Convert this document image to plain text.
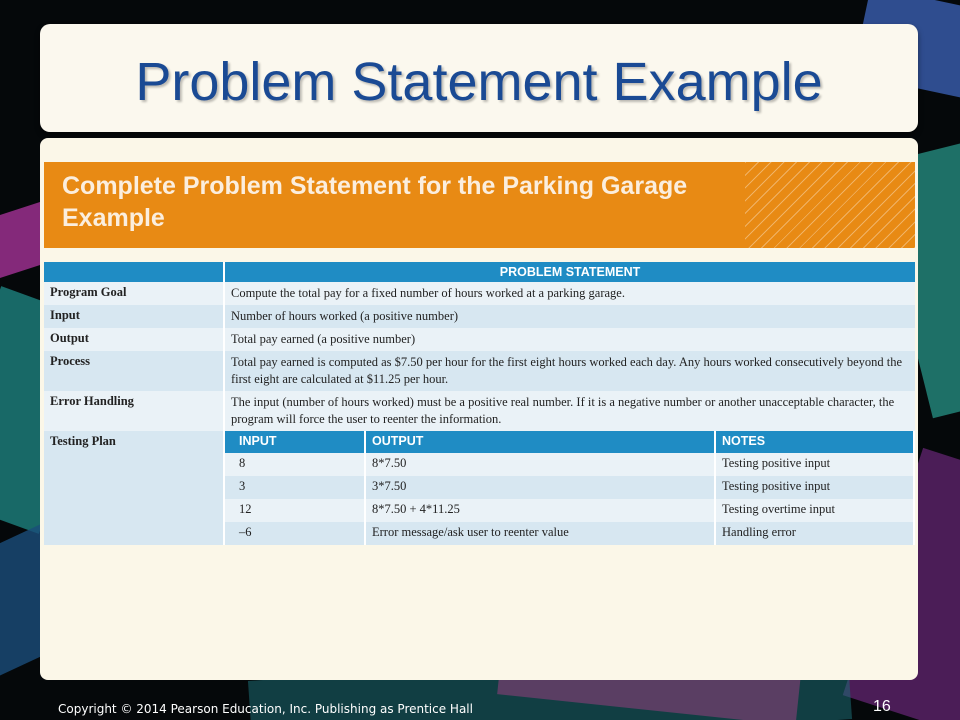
Problem Statement Example
Complete Problem Statement for the Parking Garage Example
	PROBLEM STATEMENT
Program Goal	Compute the total pay for a fixed number of hours worked at a parking garage.
Input	Number of hours worked (a positive number)
Output	Total pay earned (a positive number)
Process	Total pay earned is computed as $7.50 per hour for the first eight hours worked each day. Any hours worked consecutively beyond the first eight are calculated at $11.25 per hour.
Error Handling	The input (number of hours worked) must be a positive real number. If it is a negative number or another unacceptable character, the program will force the user to reenter the information.
Testing Plan		INPUT	OUTPUT	NOTES
8	8*7.50	Testing positive input
3	3*7.50	Testing positive input
12	8*7.50 + 4*11.25	Testing overtime input
–6	Error message/ask user to reenter value	Handling error
Copyright © 2014 Pearson Education, Inc. Publishing as Prentice Hall	16
